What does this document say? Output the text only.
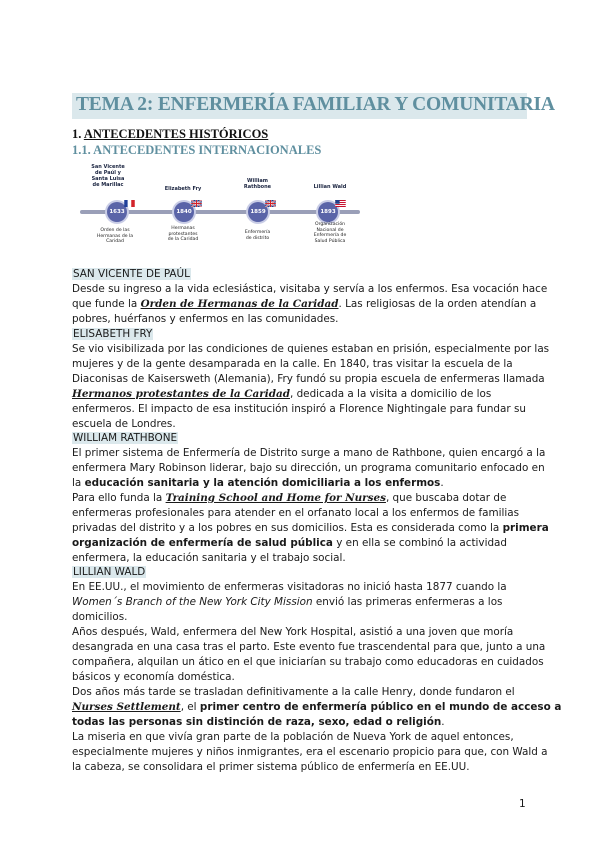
TEMA 2: ENFERMERÍA FAMILIAR Y COMUNITARIA
1. ANTECEDENTES HISTÓRICOS
1.1. ANTECEDENTES INTERNACIONALES
San Vicente
de Paúl y
Santa Luisa
de Marillac
1633
Orden de las
Hermanas de la
Caridad
Elizabeth Fry
1840
Hermanas
protestantes
de la Caridad
William
Rathbone
1859
Enfermería
de distrito
Lillian Wald
1893
Organización
Nacional de
Enfermería de
Salud Pública
SAN VICENTE DE PAÚL
Desde su ingreso a la vida eclesiástica, visitaba y servía a los enfermos. Esa vocación hace
que funde la Orden de Hermanas de la Caridad. Las religiosas de la orden atendían a
pobres, huérfanos y enfermos en las comunidades.
ELISABETH FRY
Se vio visibilizada por las condiciones de quienes estaban en prisión, especialmente por las
mujeres y de la gente desamparada en la calle. En 1840, tras visitar la escuela de la
Diaconisas de Kaisersweth (Alemania), Fry fundó su propia escuela de enfermeras llamada
Hermanos protestantes de la Caridad, dedicada a la visita a domicilio de los
enfermeros. El impacto de esa institución inspiró a Florence Nightingale para fundar su
escuela de Londres.
WILLIAM RATHBONE
El primer sistema de Enfermería de Distrito surge a mano de Rathbone, quien encargó a la
enfermera Mary Robinson liderar, bajo su dirección, un programa comunitario enfocado en
la educación sanitaria y la atención domiciliaria a los enfermos.
Para ello funda la Training School and Home for Nurses, que buscaba dotar de
enfermeras profesionales para atender en el orfanato local a los enfermos de familias
privadas del distrito y a los pobres en sus domicilios. Esta es considerada como la primera
organización de enfermería de salud pública y en ella se combinó la actividad
enfermera, la educación sanitaria y el trabajo social.
LILLIAN WALD
En EE.UU., el movimiento de enfermeras visitadoras no inició hasta 1877 cuando la
Women´s Branch of the New York City Mission envió las primeras enfermeras a los
domicilios.
Años después, Wald, enfermera del New York Hospital, asistió a una joven que moría
desangrada en una casa tras el parto. Este evento fue trascendental para que, junto a una
compañera, alquilan un ático en el que iniciarían su trabajo como educadoras en cuidados
básicos y economía doméstica.
Dos años más tarde se trasladan definitivamente a la calle Henry, donde fundaron el
Nurses Settlement, el primer centro de enfermería público en el mundo de acceso a
todas las personas sin distinción de raza, sexo, edad o religión.
La miseria en que vivía gran parte de la población de Nueva York de aquel entonces,
especialmente mujeres y niños inmigrantes, era el escenario propicio para que, con Wald a
la cabeza, se consolidara el primer sistema público de enfermería en EE.UU.
1
